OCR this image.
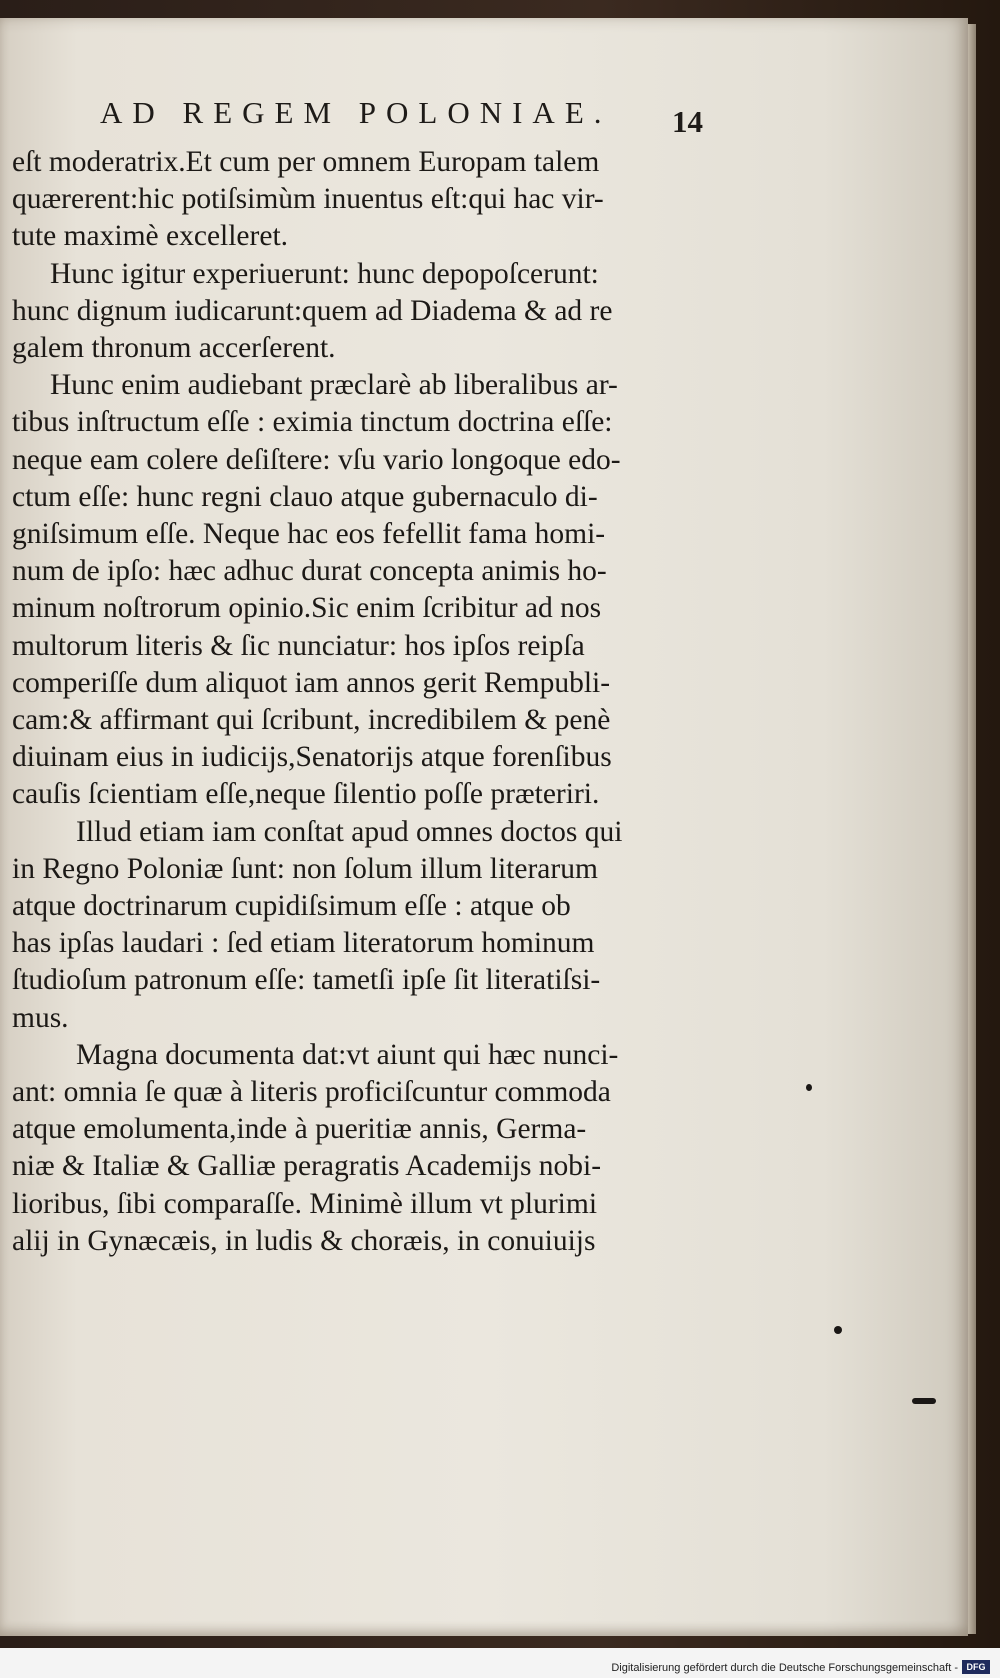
AD REGEM POLONIAE.	14
eſt moderatrix.Et cum per omnem Europam talem
quærerent:hic potiſsimùm inuentus eſt:qui hac vir-
tute maximè excelleret.
Hunc igitur experiuerunt: hunc depopoſcerunt:
hunc dignum iudicarunt:quem ad Diadema & ad re
galem thronum accerſerent.
Hunc enim audiebant præclarè ab liberalibus ar-
tibus inſtructum eſſe : eximia tinctum doctrina eſſe:
neque eam colere deſiſtere: vſu vario longoque edo-
ctum eſſe: hunc regni clauo atque gubernaculo di-
gniſsimum eſſe. Neque hac eos fefellit fama homi-
num de ipſo: hæc adhuc durat concepta animis ho-
minum noſtrorum opinio.Sic enim ſcribitur ad nos
multorum literis & ſic nunciatur: hos ipſos reipſa
comperiſſe dum aliquot iam annos gerit Rempubli-
cam:& affirmant qui ſcribunt, incredibilem & penè
diuinam eius in iudicijs,Senatorijs atque forenſibus
cauſis ſcientiam eſſe,neque ſilentio poſſe præteriri.
Illud etiam iam conſtat apud omnes doctos qui
in Regno Poloniæ ſunt: non ſolum illum literarum
atque doctrinarum cupidiſsimum eſſe : atque ob
has ipſas laudari : ſed etiam literatorum hominum
ſtudioſum patronum eſſe: tametſi ipſe ſit literatiſsi-
mus.
Magna documenta dat:vt aiunt qui hæc nunci-
ant: omnia ſe quæ à literis proficiſcuntur commoda
atque emolumenta,inde à pueritiæ annis, Germa-
niæ & Italiæ & Galliæ peragratis Academijs nobi-
lioribus, ſibi comparaſſe. Minimè illum vt plurimi
alij in Gynæcæis, in ludis & choræis, in conuiuijs
Digitalisierung gefördert durch die Deutsche Forschungsgemeinschaft - DFG
